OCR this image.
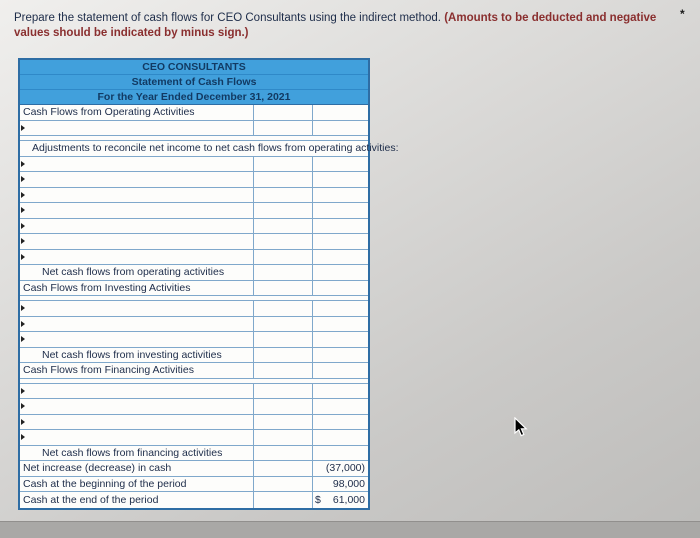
Prepare the statement of cash flows for CEO Consultants using the indirect method. (Amounts to be deducted and negative values should be indicated by minus sign.)
*
CEO CONSULTANTS
Statement of Cash Flows
For the Year Ended December 31, 2021
Cash Flows from Operating Activities
Adjustments to reconcile net income to net cash flows from operating activities:
Net cash flows from operating activities
Cash Flows from Investing Activities
Net cash flows from investing activities
Cash Flows from Financing Activities
Net cash flows from financing activities
Net increase (decrease) in cash	(37,000)
Cash at the beginning of the period	98,000
Cash at the end of the period	$ 61,000
